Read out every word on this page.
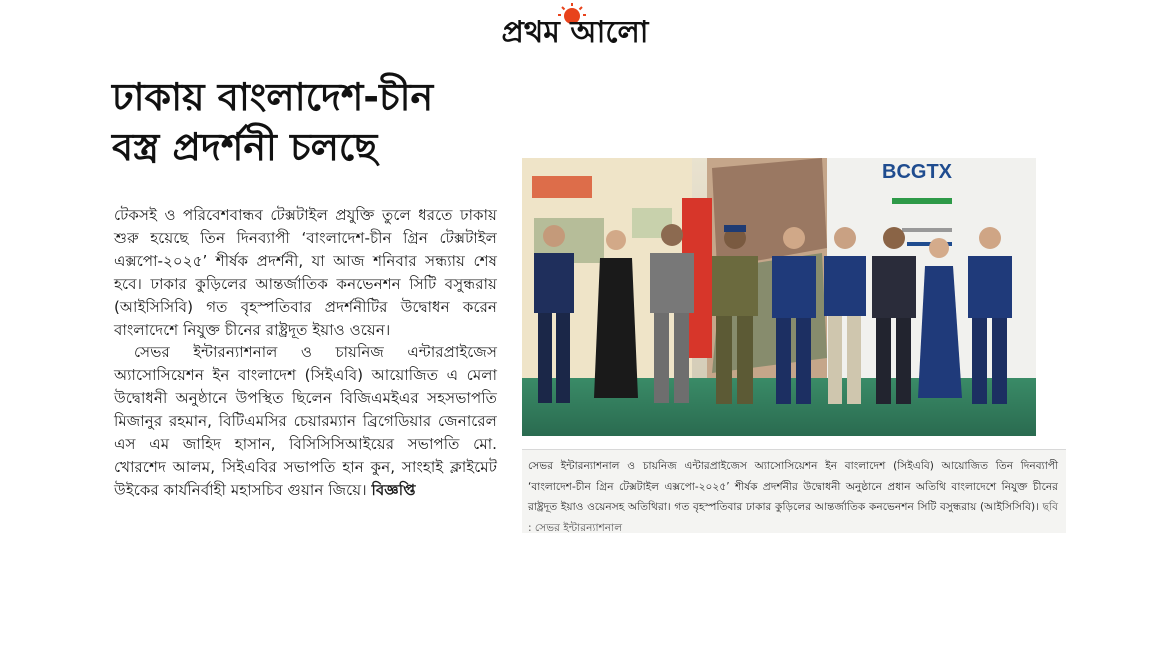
প্রথম আলো
ঢাকায় বাংলাদেশ-চীন
বস্ত্র প্রদর্শনী চলছে

টেকসই ও পরিবেশবান্ধব টেক্সটাইল প্রযুক্তি তুলে ধরতে ঢাকায় শুরু হয়েছে তিন দিনব্যাপী ‘বাংলাদেশ-চীন গ্রিন টেক্সটাইল এক্সপো-২০২৫’ শীর্ষক প্রদর্শনী, যা আজ শনিবার সন্ধ্যায় শেষ হবে। ঢাকার কুড়িলের আন্তর্জাতিক কনভেনশন সিটি বসুন্ধরায় (আইসিসিবি) গত বৃহস্পতিবার প্রদর্শনীটির উদ্বোধন করেন বাংলাদেশে নিযুক্ত চীনের রাষ্ট্রদূত ইয়াও ওয়েন।

সেভর ইন্টারন্যাশনাল ও চায়নিজ এন্টারপ্রাইজেস অ্যাসোসিয়েশন ইন বাংলাদেশ (সিইএবি) আয়োজিত এ মেলা উদ্বোধনী অনুষ্ঠানে উপস্থিত ছিলেন বিজিএমইএর সহসভাপতি মিজানুর রহমান, বিটিএমসির চেয়ারম্যান ব্রিগেডিয়ার জেনারেল এস এম জাহিদ হাসান, বিসিসিসিআইয়ের সভাপতি মো. খোরশেদ আলম, সিইএবির সভাপতি হান কুন, সাংহাই ক্লাইমেট উইকের কার্যনির্বাহী মহাসচিব গুয়ান জিয়ে। বিজ্ঞপ্তি

BCGTX
সেভর ইন্টারন্যাশনাল ও চায়নিজ এন্টারপ্রাইজেস অ্যাসোসিয়েশন ইন বাংলাদেশ (সিইএবি) আয়োজিত তিন দিনব্যাপী ‘বাংলাদেশ-চীন গ্রিন টেক্সটাইল এক্সপো-২০২৫’ শীর্ষক প্রদর্শনীর উদ্বোধনী অনুষ্ঠানে প্রধান অতিথি বাংলাদেশে নিযুক্ত চীনের রাষ্ট্রদূত ইয়াও ওয়েনসহ অতিথিরা। গত বৃহস্পতিবার ঢাকার কুড়িলের আন্তর্জাতিক কনভেনশন সিটি বসুন্ধরায় (আইসিসিবি)। ছবি : সেভর ইন্টারন্যাশনাল
